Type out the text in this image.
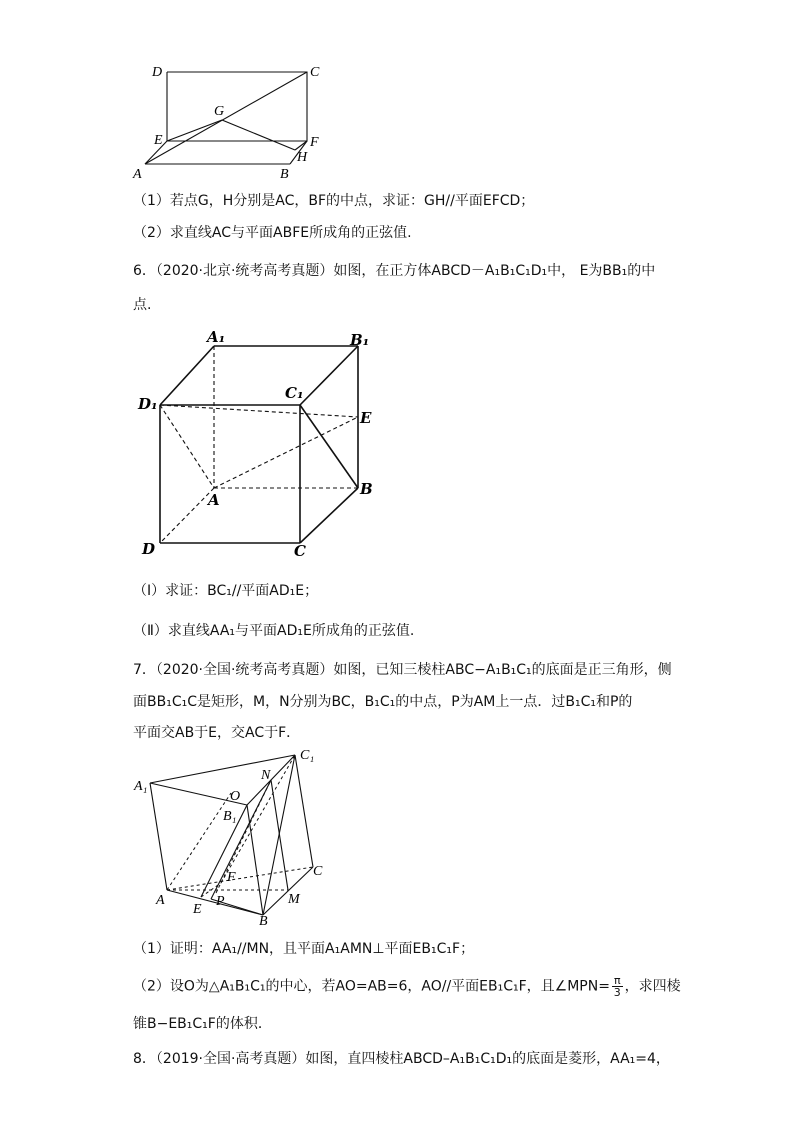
D	C
G
E	F
A	B
H
（1）若点G，H分别是AC，BF的中点，求证：GH//平面EFCD；
（2）求直线AC与平面ABFE所成角的正弦值.
6．（2020·北京·统考高考真题）如图，在正方体ABCD－A₁B₁C₁D₁中， E为BB₁的中
点.
A₁	B₁
C₁
D₁
E
A
B
D	C
（Ⅰ）求证：BC₁//平面AD₁E；
（Ⅱ）求直线AA₁与平面AD₁E所成角的正弦值.
7．（2020·全国·统考高考真题）如图，已知三棱柱ABC−A₁B₁C₁的底面是正三角形，侧
面BB₁C₁C是矩形，M，N分别为BC，B₁C₁的中点，P为AM上一点．过B₁C₁和P的
平面交AB于E，交AC于F．
C₁
N
A₁
O
B₁
C
F
A	P	M
E
B
（1）证明：AA₁//MN，且平面A₁AMN⊥平面EB₁C₁F；
（2）设O为△A₁B₁C₁的中心，若AO=AB=6，AO//平面EB₁C₁F，且∠MPN= $\frac{\pi}{3}$ ，求四棱
锥B−EB₁C₁F的体积．
8．（2019·全国·高考真题）如图，直四棱柱ABCD–A₁B₁C₁D₁的底面是菱形，AA₁=4，
